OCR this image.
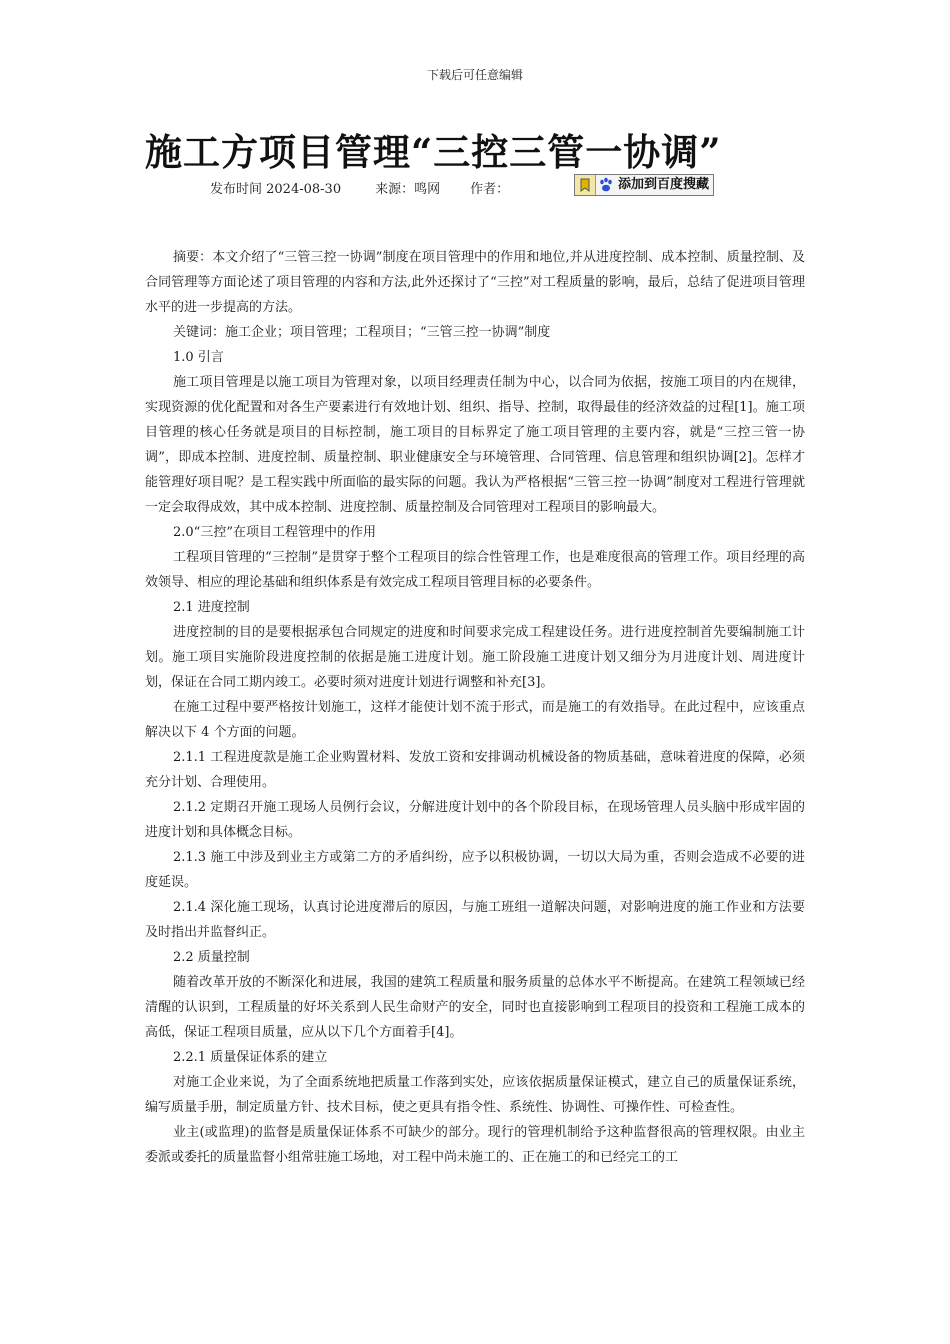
下载后可任意编辑
施工方项目管理“三控三管一协调”
发布时间 2024-08-30	来源：鸣网 作者：	添加到百度搜藏

摘要：本文介绍了“三管三控一协调”制度在项目管理中的作用和地位,并从进度控制、成本控制、质量控制、及合同管理等方面论述了项目管理的内容和方法,此外还探讨了“三控”对工程质量的影响，最后，总结了促进项目管理水平的进一步提高的方法。

关键词：施工企业；项目管理；工程项目；“三管三控一协调”制度

1.0 引言

施工项目管理是以施工项目为管理对象，以项目经理责任制为中心，以合同为依据，按施工项目的内在规律，实现资源的优化配置和对各生产要素进行有效地计划、组织、指导、控制，取得最佳的经济效益的过程[1]。施工项目管理的核心任务就是项目的目标控制，施工项目的目标界定了施工项目管理的主要内容，就是“三控三管一协调”，即成本控制、进度控制、质量控制、职业健康安全与环境管理、合同管理、信息管理和组织协调[2]。怎样才能管理好项目呢？是工程实践中所面临的最实际的问题。我认为严格根据“三管三控一协调”制度对工程进行管理就一定会取得成效，其中成本控制、进度控制、质量控制及合同管理对工程项目的影响最大。

2.0“三控”在项目工程管理中的作用

工程项目管理的“三控制”是贯穿于整个工程项目的综合性管理工作，也是难度很高的管理工作。项目经理的高效领导、相应的理论基础和组织体系是有效完成工程项目管理目标的必要条件。

2.1 进度控制

进度控制的目的是要根据承包合同规定的进度和时间要求完成工程建设任务。进行进度控制首先要编制施工计划。施工项目实施阶段进度控制的依据是施工进度计划。施工阶段施工进度计划又细分为月进度计划、周进度计划，保证在合同工期内竣工。必要时须对进度计划进行调整和补充[3]。

在施工过程中要严格按计划施工，这样才能使计划不流于形式，而是施工的有效指导。在此过程中，应该重点解决以下 4 个方面的问题。

2.1.1 工程进度款是施工企业购置材料、发放工资和安排调动机械设备的物质基础，意味着进度的保障，必须充分计划、合理使用。

2.1.2 定期召开施工现场人员例行会议，分解进度计划中的各个阶段目标，在现场管理人员头脑中形成牢固的进度计划和具体概念目标。

2.1.3 施工中涉及到业主方或第二方的矛盾纠纷，应予以积极协调，一切以大局为重，否则会造成不必要的进度延误。

2.1.4 深化施工现场，认真讨论进度滞后的原因，与施工班组一道解决问题，对影响进度的施工作业和方法要及时指出并监督纠正。

2.2 质量控制

随着改革开放的不断深化和进展，我国的建筑工程质量和服务质量的总体水平不断提高。在建筑工程领域已经清醒的认识到，工程质量的好坏关系到人民生命财产的安全，同时也直接影响到工程项目的投资和工程施工成本的高低，保证工程项目质量，应从以下几个方面着手[4]。

2.2.1 质量保证体系的建立

对施工企业来说，为了全面系统地把质量工作落到实处，应该依据质量保证模式，建立自己的质量保证系统，编写质量手册，制定质量方针、技术目标，使之更具有指令性、系统性、协调性、可操作性、可检查性。

业主(或监理)的监督是质量保证体系不可缺少的部分。现行的管理机制给予这种监督很高的管理权限。由业主委派或委托的质量监督小组常驻施工场地，对工程中尚未施工的、正在施工的和已经完工的工
